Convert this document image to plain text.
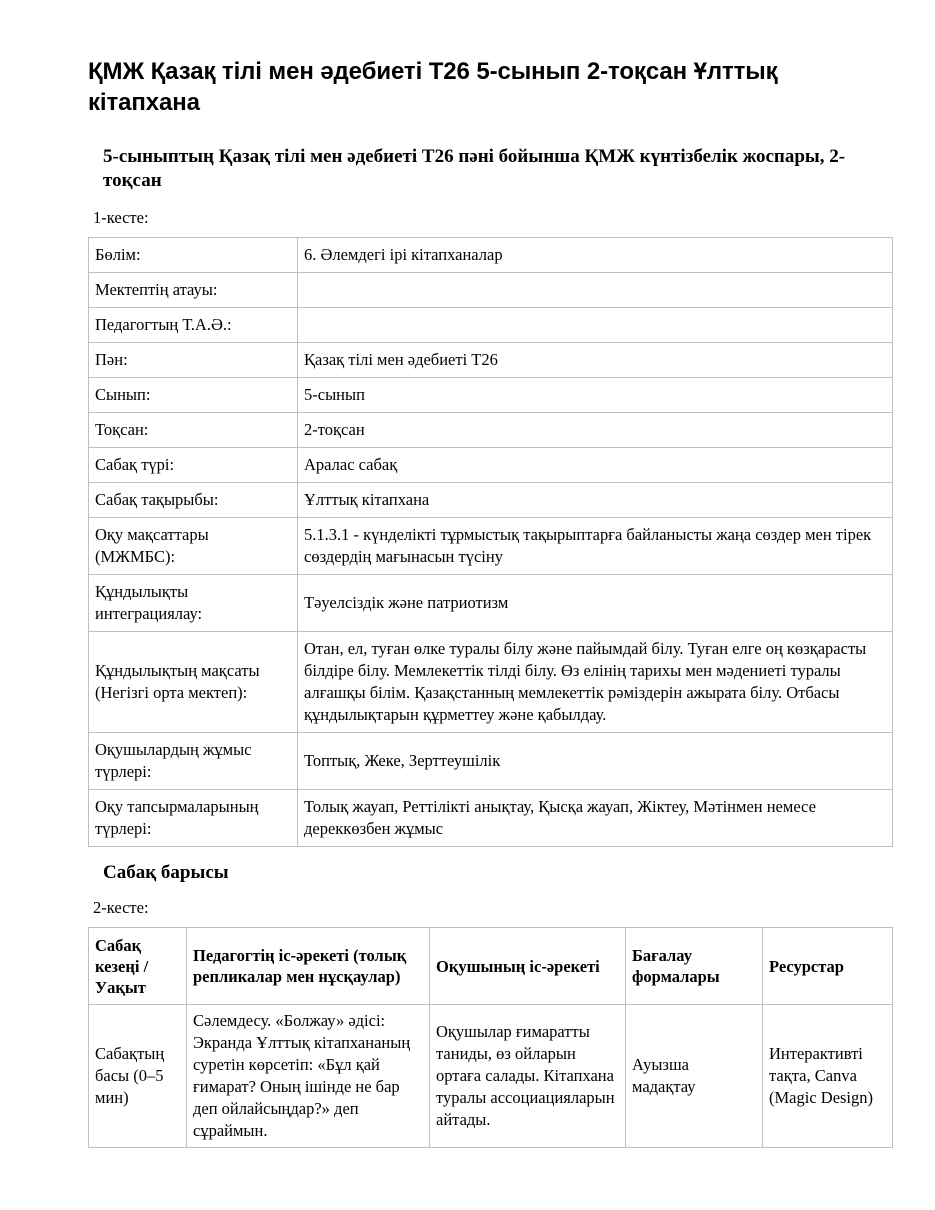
ҚМЖ Қазақ тілі мен әдебиеті Т26 5-сынып 2-тоқсан Ұлттық кітапхана
5-сыныптың Қазақ тілі мен әдебиеті Т26 пәні бойынша ҚМЖ күнтізбелік жоспары, 2-тоқсан
1-кесте:
Бөлім:	6. Әлемдегі ірі кітапханалар
Мектептің атауы:	
Педагогтың Т.А.Ә.:	
Пән:	Қазақ тілі мен әдебиеті Т26
Сынып:	5-сынып
Тоқсан:	2-тоқсан
Сабақ түрі:	Аралас сабақ
Сабақ тақырыбы:	Ұлттық кітапхана
Оқу мақсаттары (МЖМБС):	5.1.3.1 - күнделікті тұрмыстық тақырыптарға байланысты жаңа сөздер мен тірек сөздердің мағынасын түсіну
Құндылықты интеграциялау:	Тәуелсіздік және патриотизм
Құндылықтың мақсаты (Негізгі орта мектеп):	Отан, ел, туған өлке туралы білу және пайымдай білу. Туған елге оң көзқарасты білдіре білу. Мемлекеттік тілді білу. Өз елінің тарихы мен мәдениеті туралы алғашқы білім. Қазақстанның мемлекеттік рәміздерін ажырата білу. Отбасы құндылықтарын құрметтеу және қабылдау.
Оқушылардың жұмыс түрлері:	Топтық, Жеке, Зерттеушілік
Оқу тапсырмаларының түрлері:	Толық жауап, Реттілікті анықтау, Қысқа жауап, Жіктеу, Мәтінмен немесе дереккөзбен жұмыс
Сабақ барысы
2-кесте:
Сабақ кезеңі / Уақыт	Педагогтің іс-әрекеті (толық репликалар мен нұсқаулар)	Оқушының іс-әрекеті	Бағалау формалары	Ресурстар
Сабақтың басы (0–5 мин)	Сәлемдесу. «Болжау» әдісі: Экранда Ұлттық кітапхананың суретін көрсетіп: «Бұл қай ғимарат? Оның ішінде не бар деп ойлайсыңдар?» деп сұраймын.	Оқушылар ғимаратты таниды, өз ойларын ортаға салады. Кітапхана туралы ассоциацияларын айтады.	Ауызша мадақтау	Интерактивті тақта, Canva (Magic Design)
